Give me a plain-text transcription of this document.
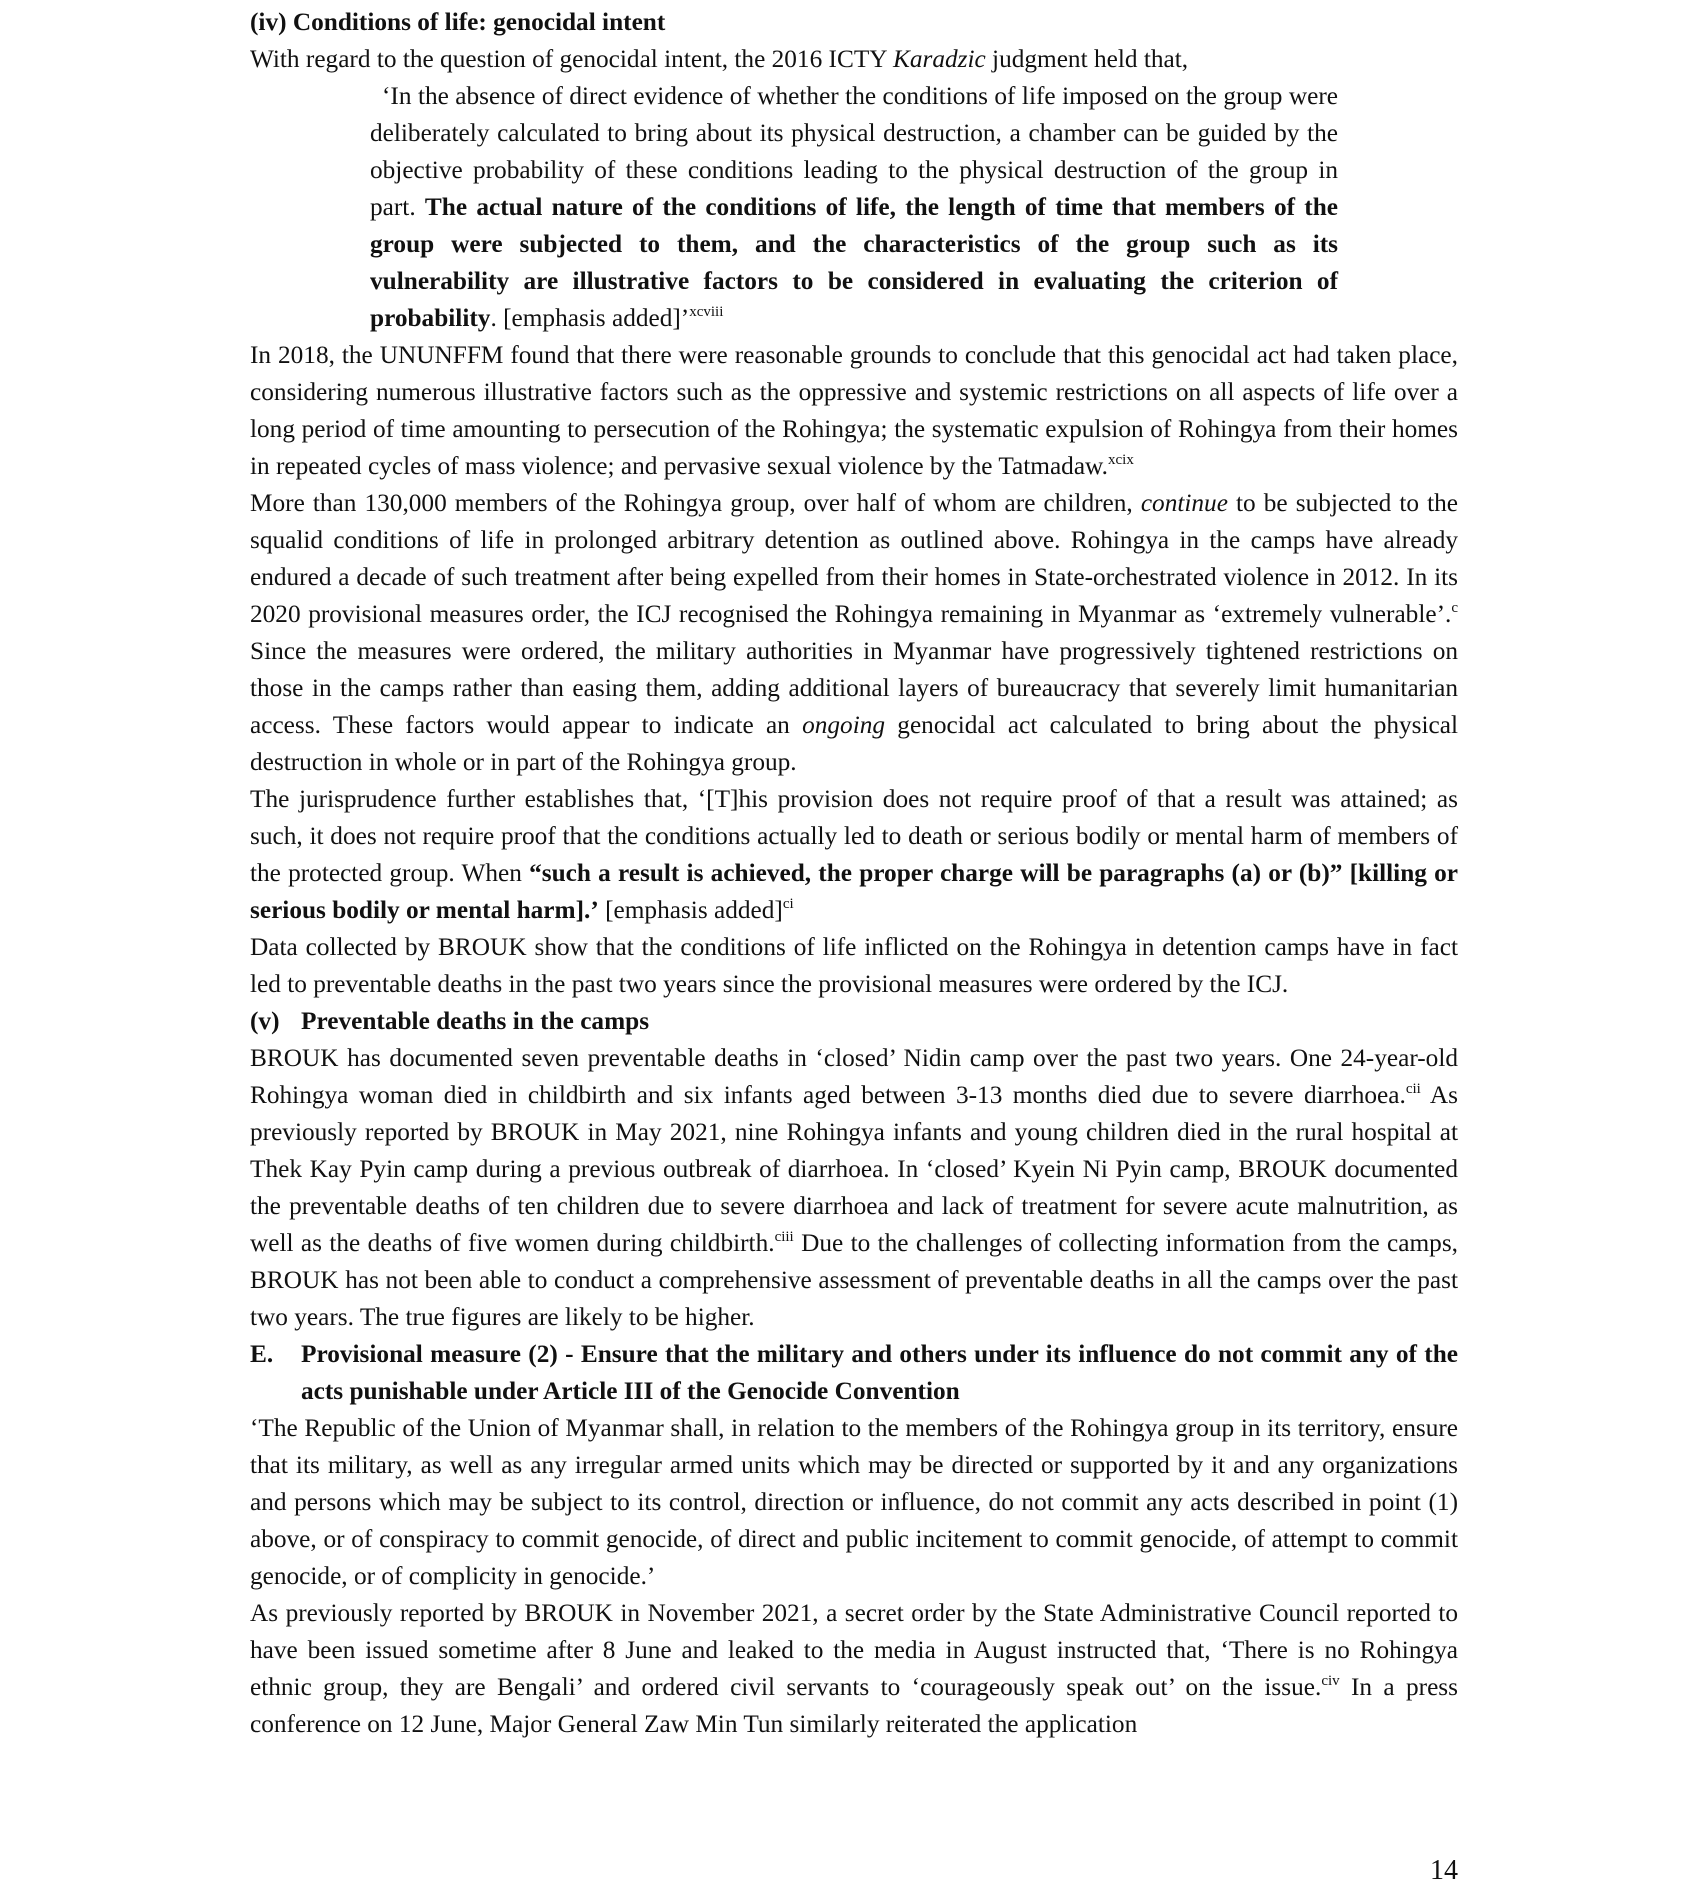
(iv) Conditions of life: genocidal intent

With regard to the question of genocidal intent, the 2016 ICTY Karadzic judgment held that,

‘In the absence of direct evidence of whether the conditions of life imposed on the group were deliberately calculated to bring about its physical destruction, a chamber can be guided by the objective probability of these conditions leading to the physical destruction of the group in part. The actual nature of the conditions of life, the length of time that members of the group were subjected to them, and the characteristics of the group such as its vulnerability are illustrative factors to be considered in evaluating the criterion of probability. [emphasis added]’$^{xcviii}$

In 2018, the UNUNFFM found that there were reasonable grounds to conclude that this genocidal act had taken place, considering numerous illustrative factors such as the oppressive and systemic restrictions on all aspects of life over a long period of time amounting to persecution of the Rohingya; the systematic expulsion of Rohingya from their homes in repeated cycles of mass violence; and pervasive sexual violence by the Tatmadaw.$^{xcix}$

More than 130,000 members of the Rohingya group, over half of whom are children, continue to be subjected to the squalid conditions of life in prolonged arbitrary detention as outlined above. Rohingya in the camps have already endured a decade of such treatment after being expelled from their homes in State-orchestrated violence in 2012. In its 2020 provisional measures order, the ICJ recognised the Rohingya remaining in Myanmar as ‘extremely vulnerable’.$^c$  Since the measures were ordered, the military authorities in Myanmar have progressively tightened restrictions on those in the camps rather than easing them, adding additional layers of bureaucracy that severely limit humanitarian access. These factors would appear to indicate an ongoing genocidal act calculated to bring about the physical destruction in whole or in part of the Rohingya group.

The jurisprudence further establishes that, ‘[T]his provision does not require proof of that a result was attained; as such, it does not require proof that the conditions actually led to death or serious bodily or mental harm of members of the protected group. When “such a result is achieved, the proper charge will be paragraphs (a) or (b)” [killing or serious bodily or mental harm].’ [emphasis added]$^{ci}$

Data collected by BROUK show that the conditions of life inflicted on the Rohingya in detention camps have in fact led to preventable deaths in the past two years since the provisional measures were ordered by the ICJ.

(v) Preventable deaths in the camps

BROUK has documented seven preventable deaths in ‘closed’ Nidin camp over the past two years. One 24-year-old Rohingya woman died in childbirth and six infants aged between 3-13 months died due to severe diarrhoea.$^{cii}$ As previously reported by BROUK in May 2021, nine Rohingya infants and young children died in the rural hospital at Thek Kay Pyin camp during a previous outbreak of diarrhoea. In ‘closed’ Kyein Ni Pyin camp, BROUK documented the preventable deaths of ten children due to severe diarrhoea and lack of treatment for severe acute malnutrition, as well as the deaths of five women during childbirth.$^{ciii}$ Due to the challenges of collecting information from the camps, BROUK has not been able to conduct a comprehensive assessment of preventable deaths in all the camps over the past two years. The true figures are likely to be higher.

E. Provisional measure (2) - Ensure that the military and others under its influence do not commit any of the acts punishable under Article III of the Genocide Convention

‘The Republic of the Union of Myanmar shall, in relation to the members of the Rohingya group in its territory, ensure that its military, as well as any irregular armed units which may be directed or supported by it and any organizations and persons which may be subject to its control, direction or influence, do not commit any acts described in point (1) above, or of conspiracy to commit genocide, of direct and public incitement to commit genocide, of attempt to commit genocide, or of complicity in genocide.’

As previously reported by BROUK in November 2021, a secret order by the State Administrative Council reported to have been issued sometime after 8 June and leaked to the media in August instructed that, ‘There is no Rohingya ethnic group, they are Bengali’ and ordered civil servants to ‘courageously speak out’ on the issue.$^{civ}$ In a press conference on 12 June, Major General Zaw Min Tun similarly reiterated the application

14
